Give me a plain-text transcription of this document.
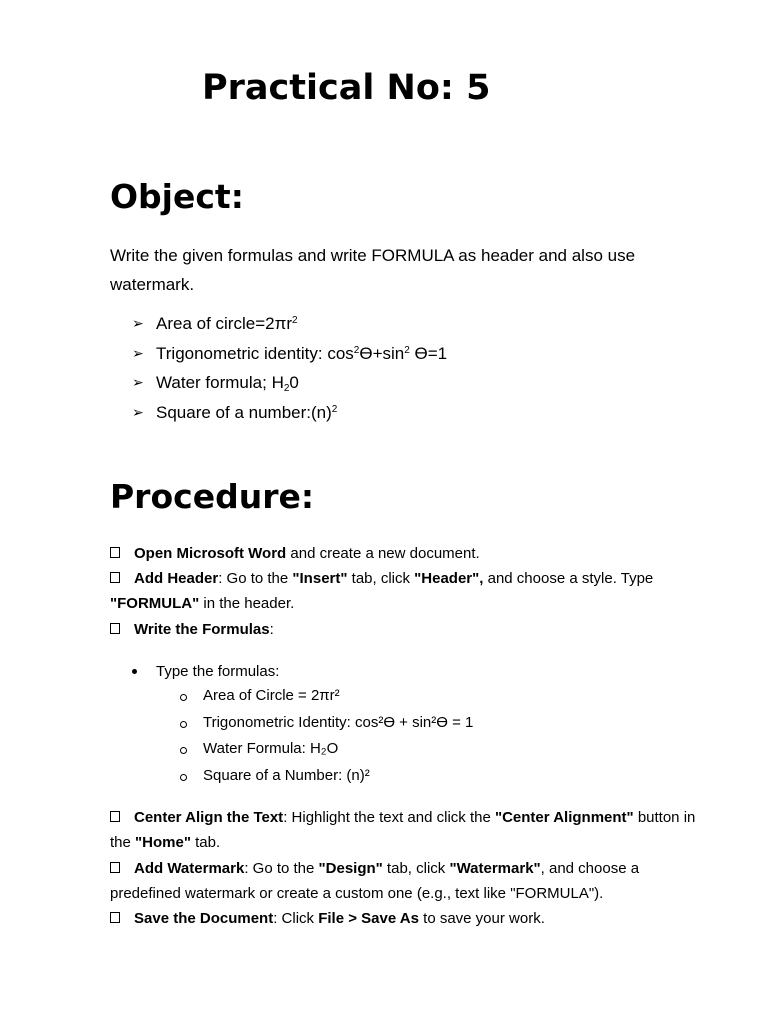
Practical No: 5
Object:

Write the given formulas and write FORMULA as header and also use watermark.

➢ Area of $circle=2\pi r^2$
➢ Trigonometric identity: $\cos^2Ө+\sin^2$ Ө=1
➢ Water formula; $H_20$
➢ Square of a $number:(n)^2$
Procedure:

Open Microsoft Word and create a new document.

Add Header: Go to the "Insert" tab, click "Header", and choose a style. Type "FORMULA" in the header.

Write the Formulas:

Type the formulas:
Area of Circle = 2πr²
Trigonometric Identity: cos²Ө + sin²Ө = 1
Water Formula: H₂O
Square of a Number: (n)²

Center Align the Text: Highlight the text and click the "Center Alignment" button in the "Home" tab.

Add Watermark: Go to the "Design" tab, click "Watermark", and choose a predefined watermark or create a custom one (e.g., text like "FORMULA").

Save the Document: Click File > Save As to save your work.
